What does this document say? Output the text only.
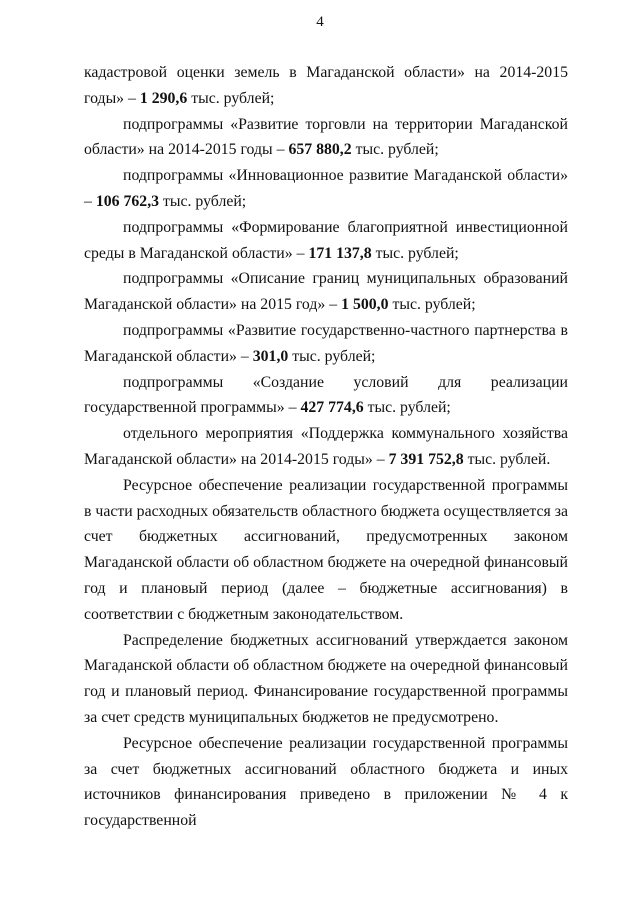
4

кадастровой оценки земель в Магаданской области» на 2014-2015 годы» – 1 290,6 тыс. рублей;

подпрограммы «Развитие торговли на территории Магаданской области» на 2014-2015 годы – 657 880,2 тыс. рублей;

подпрограммы «Инновационное развитие Магаданской области» – 106 762,3 тыс. рублей;

подпрограммы «Формирование благоприятной инвестиционной среды в Магаданской области» – 171 137,8 тыс. рублей;

подпрограммы «Описание границ муниципальных образований Магаданской области» на 2015 год» – 1 500,0 тыс. рублей;

подпрограммы «Развитие государственно-частного партнерства в Магаданской области» – 301,0 тыс. рублей;

подпрограммы «Создание условий для реализации государственной программы» – 427 774,6 тыс. рублей;

отдельного мероприятия «Поддержка коммунального хозяйства Магаданской области» на 2014-2015 годы» – 7 391 752,8 тыс. рублей.

Ресурсное обеспечение реализации государственной программы в части расходных обязательств областного бюджета осуществляется за счет бюджетных ассигнований, предусмотренных законом Магаданской области об областном бюджете на очередной финансовый год и плановый период (далее – бюджетные ассигнования) в соответствии с бюджетным законодательством.

Распределение бюджетных ассигнований утверждается законом Магаданской области об областном бюджете на очередной финансовый год и плановый период. Финансирование государственной программы за счет средств муниципальных бюджетов не предусмотрено.

Ресурсное обеспечение реализации государственной программы за счет бюджетных ассигнований областного бюджета и иных источников финансирования приведено в приложении № 4 к государственной
